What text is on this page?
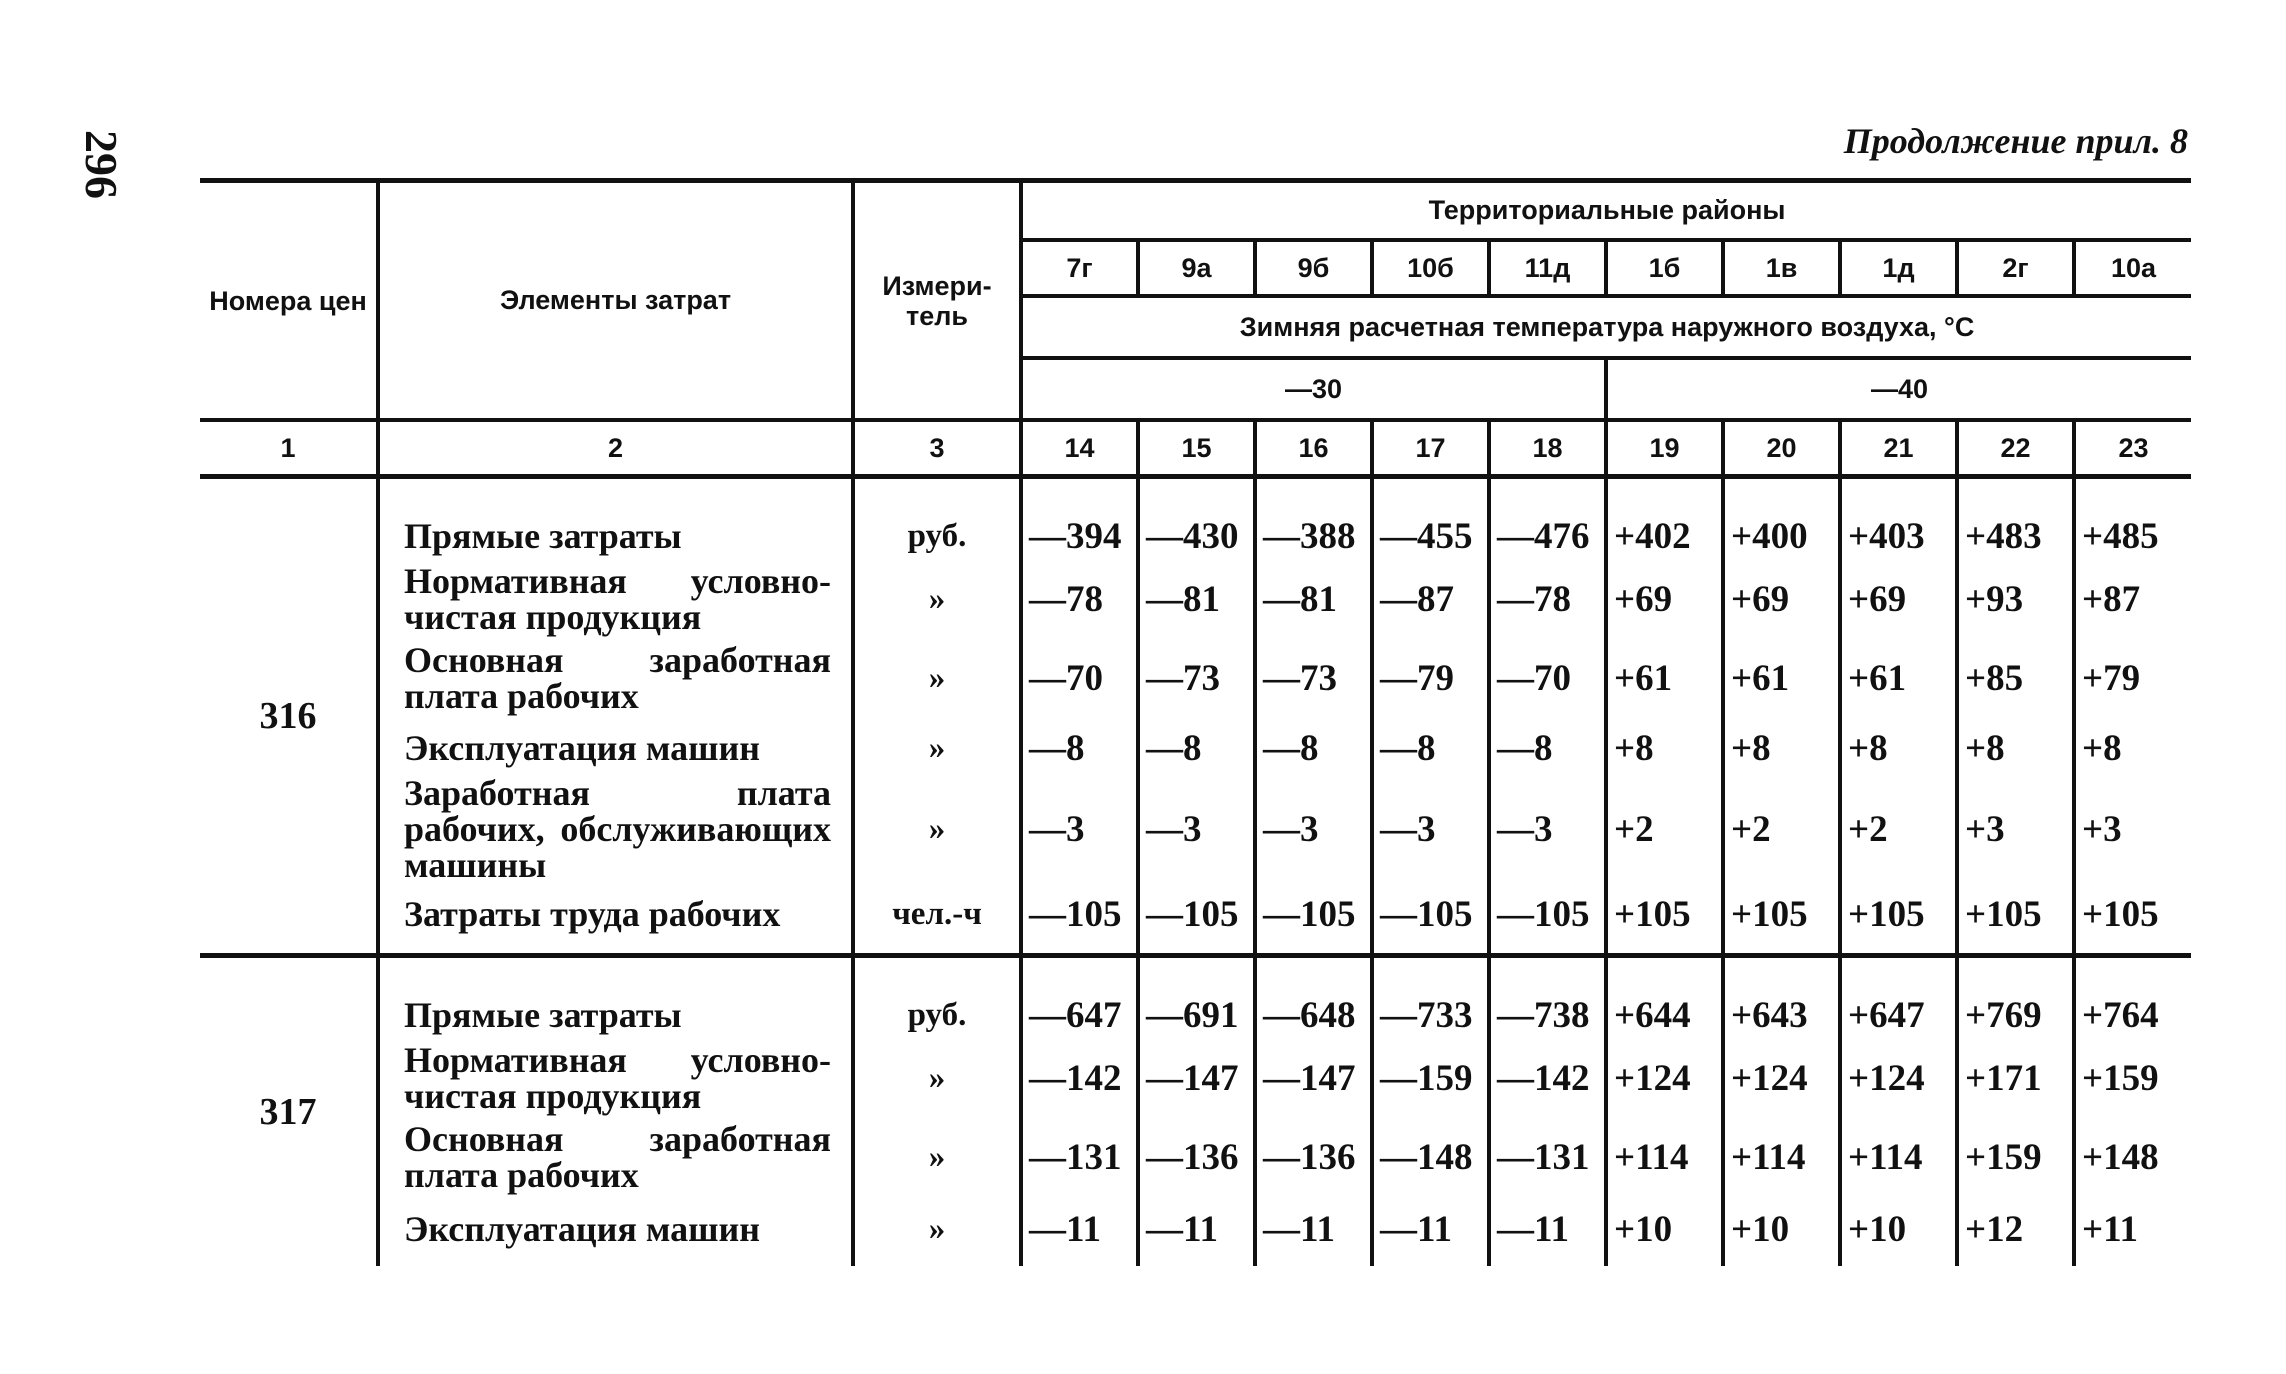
296	Продолжение прил. 8
Номера цен	Элементы затрат	Измери-тель	Территориальные районы									
			7г	9а	9б	10б	11д	1б	1в	1д	2г	10а
			Зимняя расчетная температура наружного воздуха, °С									
			—30					—40				
1	2	3	14	15	16	17	18	19	20	21	22	23
316												
	Прямые затраты	руб.	—394	—430	—388	—455	—476	+402	+400	+403	+483	+485
	Нормативная условно-чистая продукция	»	—78	—81	—81	—87	—78	+69	+69	+69	+93	+87
	Основная заработная плата рабочих	»	—70	—73	—73	—79	—70	+61	+61	+61	+85	+79
	Эксплуатация машин	»	—8	—8	—8	—8	—8	+8	+8	+8	+8	+8
	Заработная плата рабочих, обслуживающих машины	»	—3	—3	—3	—3	—3	+2	+2	+2	+3	+3
	Затраты труда рабочих	чел.-ч	—105	—105	—105	—105	—105	+105	+105	+105	+105	+105

317												
	Прямые затраты	руб.	—647	—691	—648	—733	—738	+644	+643	+647	+769	+764
	Нормативная условно-чистая продукция	»	—142	—147	—147	—159	—142	+124	+124	+124	+171	+159
	Основная заработная плата рабочих	»	—131	—136	—136	—148	—131	+114	+114	+114	+159	+148
	Эксплуатация машин	»	—11	—11	—11	—11	—11	+10	+10	+10	+12	+11
